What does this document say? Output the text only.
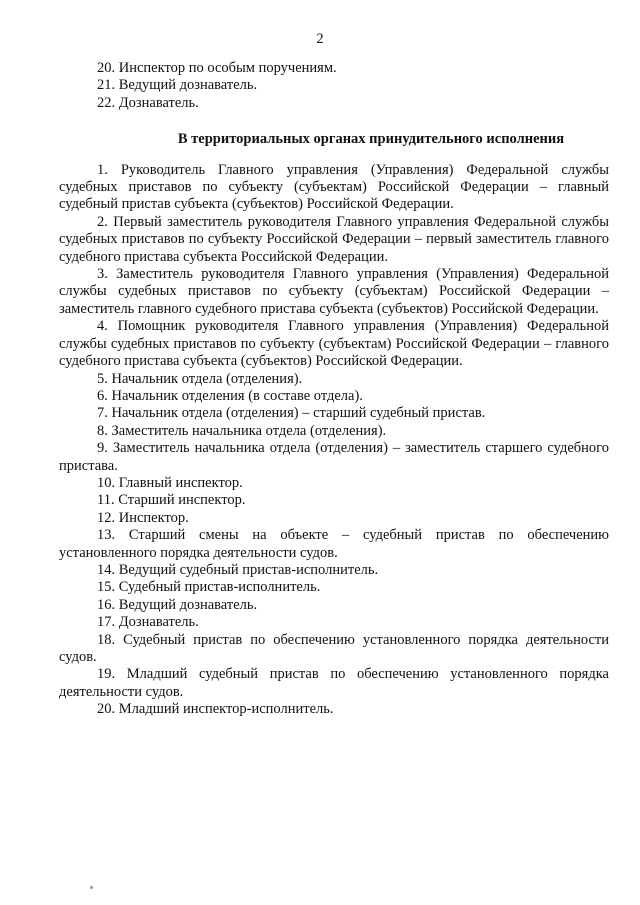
2

20. Инспектор по особым поручениям.

21. Ведущий дознаватель.

22. Дознаватель.

В территориальных органах принудительного исполнения

1. Руководитель Главного управления (Управления) Федеральной службы судебных приставов по субъекту (субъектам) Российской Федерации – главный судебный пристав субъекта (субъектов) Российской Федерации.

2. Первый заместитель руководителя Главного управления Федеральной службы судебных приставов по субъекту Российской Федерации – первый заместитель главного судебного пристава субъекта Российской Федерации.

3. Заместитель руководителя Главного управления (Управления) Федеральной службы судебных приставов по субъекту (субъектам) Российской Федерации – заместитель главного судебного пристава субъекта (субъектов) Российской Федерации.

4. Помощник руководителя Главного управления (Управления) Федеральной службы судебных приставов по субъекту (субъектам) Российской Федерации – главного судебного пристава субъекта (субъектов) Российской Федерации.

5. Начальник отдела (отделения).

6. Начальник отделения (в составе отдела).

7. Начальник отдела (отделения) – старший судебный пристав.

8. Заместитель начальника отдела (отделения).

9. Заместитель начальника отдела (отделения) – заместитель старшего судебного пристава.

10. Главный инспектор.

11. Старший инспектор.

12. Инспектор.

13. Старший смены на объекте – судебный пристав по обеспечению установленного порядка деятельности судов.

14. Ведущий судебный пристав-исполнитель.

15. Судебный пристав-исполнитель.

16. Ведущий дознаватель.

17. Дознаватель.

18. Судебный пристав по обеспечению установленного порядка деятельности судов.

19. Младший судебный пристав по обеспечению установленного порядка деятельности судов.

20. Младший инспектор-исполнитель.
